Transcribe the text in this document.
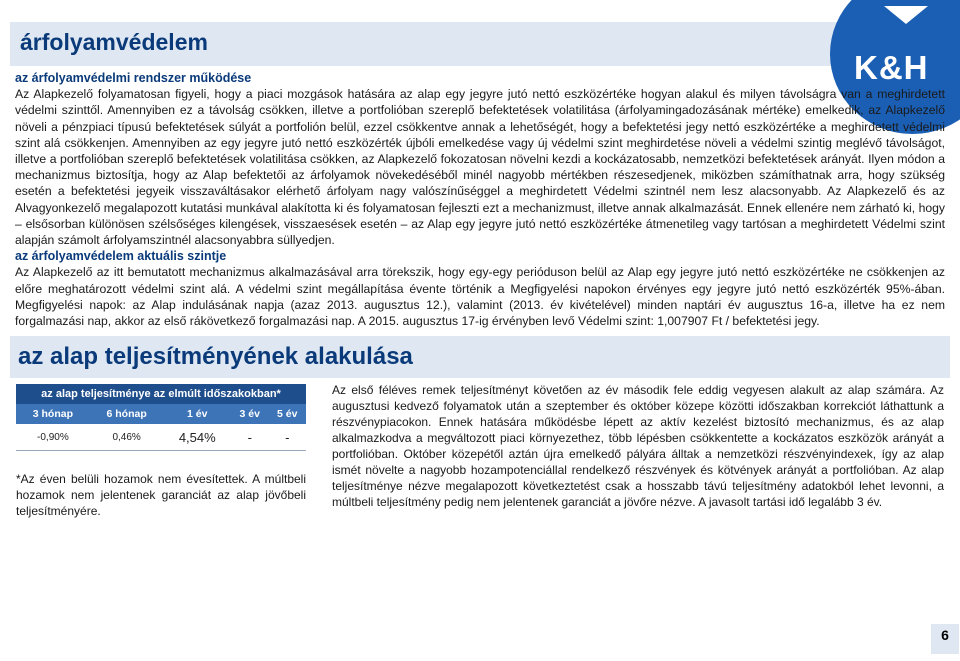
árfolyamvédelem
K&H
az árfolyamvédelmi rendszer működése

Az Alapkezelő folyamatosan figyeli, hogy a piaci mozgások hatására az alap egy jegyre jutó nettó eszközértéke hogyan alakul és milyen távolságra van a meghirdetett védelmi szinttől. Amennyiben ez a távolság csökken, illetve a portfolióban szereplő befektetések volatilitása (árfolyamingadozásának mértéke) emelkedik, az Alapkezelő növeli a pénzpiaci típusú befektetések súlyát a portfolión belül, ezzel csökkentve annak a lehetőségét, hogy a befektetési jegy nettó eszközértéke a meghirdetett védelmi szint alá csökkenjen. Amennyiben az egy jegyre jutó nettó eszközérték újbóli emelkedése vagy új védelmi szint meghirdetése növeli a védelmi szintig meglévő távolságot, illetve a portfolióban szereplő befektetések volatilitása csökken, az Alapkezelő fokozatosan növelni kezdi a kockázatosabb, nemzetközi befektetések arányát. Ilyen módon a mechanizmus biztosítja, hogy az Alap befektetői az árfolyamok növekedéséből minél nagyobb mértékben részesedjenek, miközben számíthatnak arra, hogy szükség esetén a befektetési jegyeik visszaváltásakor elérhető árfolyam nagy valószínűséggel a meghirdetett Védelmi szintnél nem lesz alacsonyabb. Az Alapkezelő és az Alvagyonkezelő megalapozott kutatási munkával alakította ki és folyamatosan fejleszti ezt a mechanizmust, illetve annak alkalmazását. Ennek ellenére nem zárható ki, hogy – elsősorban különösen szélsőséges kilengések, visszaesések esetén – az Alap egy jegyre jutó nettó eszközértéke átmenetileg vagy tartósan a meghirdetett Védelmi szint alapján számolt árfolyamszintnél alacsonyabbra süllyedjen.

az árfolyamvédelem aktuális szintje

Az Alapkezelő az itt bemutatott mechanizmus alkalmazásával arra törekszik, hogy egy-egy perióduson belül az Alap egy jegyre jutó nettó eszközértéke ne csökkenjen az előre meghatározott védelmi szint alá. A védelmi szint megállapítása évente történik a Megfigyelési napokon érvényes egy jegyre jutó nettó eszközérték 95%-ában. Megfigyelési napok: az Alap indulásának napja (azaz 2013. augusztus 12.), valamint (2013. év kivételével) minden naptári év augusztus 16-a, illetve ha ez nem forgalmazási nap, akkor az első rákövetkező forgalmazási nap. A 2015. augusztus 17-ig érvényben levő Védelmi szint: 1,007907 Ft / befektetési jegy.

az alap teljesítményének alakulása
az alap teljesítménye az elmúlt időszakokban*				
3 hónap	6 hónap	1 év	3 év	5 év
-0,90%	0,46%	4,54%	-	-
*Az éven belüli hozamok nem évesítettek. A múltbeli hozamok nem jelentenek garanciát az alap jövőbeli teljesítményére.
Az első féléves remek teljesítményt követően az év második fele eddig vegyesen alakult az alap számára. Az augusztusi kedvező folyamatok után a szeptember és október közepe közötti időszakban korrekciót láthattunk a részvénypiacokon. Ennek hatására működésbe lépett az aktív kezelést biztosító mechanizmus, és az alap alkalmazkodva a megváltozott piaci környezethez, több lépésben csökkentette a kockázatos eszközök arányát a portfolióban. Október közepétől aztán újra emelkedő pályára álltak a nemzetközi részvényindexek, így az alap ismét növelte a nagyobb hozampotenciállal rendelkező részvények és kötvények arányát a portfolióban. Az alap teljesítménye nézve megalapozott következtetést csak a hosszabb távú teljesítmény adatokból lehet levonni, a múltbeli teljesítmény pedig nem jelentenek garanciát a jövőre nézve. A javasolt tartási idő legalább 3 év.
6
